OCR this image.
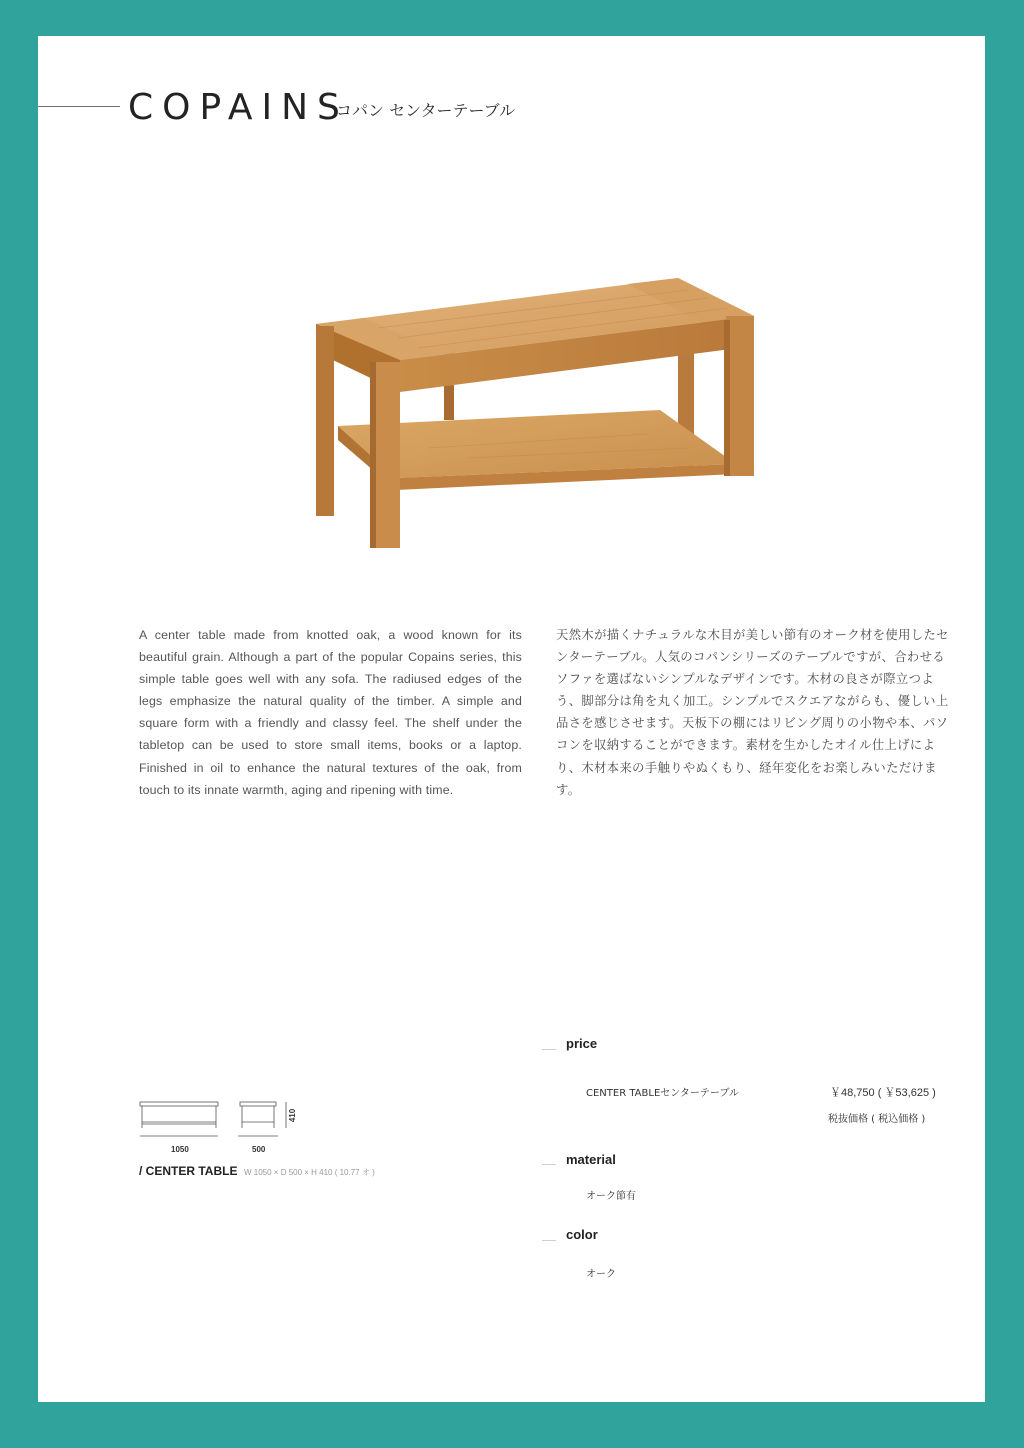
COPAINS
コパン センターテーブル
A center table made from knotted oak, a wood known for its beautiful grain. Although a part of the popular Copains series, this simple table goes well with any sofa. The radiused edges of the legs emphasize the natural quality of the timber. A simple and square form with a friendly and classy feel. The shelf under the tabletop can be used to store small items, books or a laptop. Finished in oil to enhance the natural textures of the oak, from touch to its innate warmth, aging and ripening with time.
天然木が描くナチュラルな木目が美しい節有のオーク材を使用したセンターテーブル。人気のコパンシリーズのテーブルですが、合わせるソファを選ばないシンプルなデザインです。木材の良さが際立つよう、脚部分は角を丸く加工。シンプルでスクエアながらも、優しい上品さを感じさせます。天板下の棚にはリビング周りの小物や本、パソコンを収納することができます。素材を生かしたオイル仕上げにより、木材本来の手触りやぬくもり、経年変化をお楽しみいただけます。
1050	500
410
/ CENTER TABLE W 1050 × D 500 × H 410 ( 10.77 オ )
price
CENTER TABLEセンターテーブル	￥48,750 ( ￥53,625 )
税抜価格 ( 税込価格 )
material
オーク節有
color
オーク
